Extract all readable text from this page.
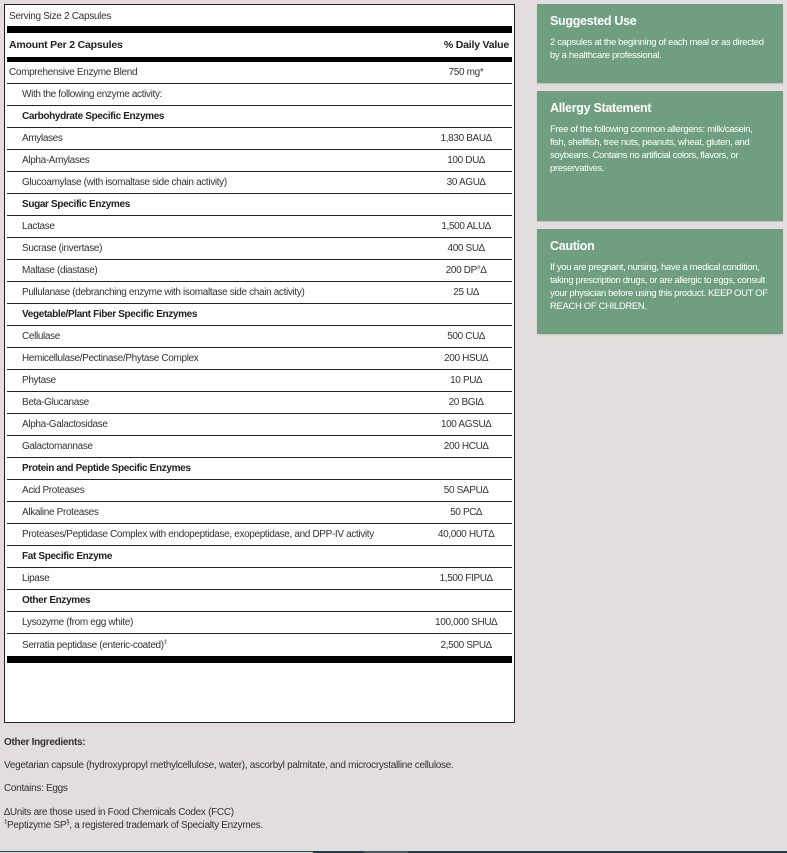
Serving Size 2 Capsules
Amount Per 2 Capsules	% Daily Value
Comprehensive Enzyme Blend	750 mg*
With the following enzyme activity:
Carbohydrate Specific Enzymes
Amylases	1,830 BAU∆
Alpha-Amylases	100 DU∆
Glucoamylase (with isomaltase side chain activity)	30 AGU∆
Sugar Specific Enzymes
Lactase	1,500 ALU∆
Sucrase (invertase)	400 SU∆
Maltase (diastase)	200 DP°∆
Pullulanase (debranching enzyme with isomaltase side chain activity)	25 U∆
Vegetable/Plant Fiber Specific Enzymes
Cellulase	500 CU∆
Hemicellulase/Pectinase/Phytase Complex	200 HSU∆
Phytase	10 PU∆
Beta-Glucanase	20 BGI∆
Alpha-Galactosidase	100 AGSU∆
Galactomannase	200 HCU∆
Protein and Peptide Specific Enzymes
Acid Proteases	50 SAPU∆
Alkaline Proteases	50 PC∆
Proteases/Peptidase Complex with endopeptidase, exopeptidase, and DPP-IV activity	40,000 HUT∆
Fat Specific Enzyme
Lipase	1,500 FIPU∆
Other Enzymes
Lysozyme (from egg white)	100,000 SHU∆
Serratia peptidase (enteric-coated)‡	2,500 SPU∆
Other Ingredients:

Vegetarian capsule (hydroxypropyl methylcellulose, water), ascorbyl palmitate, and microcrystalline cellulose.

Contains: Eggs

∆Units are those used in Food Chemicals Codex (FCC)
‡Peptizyme SP§, a registered trademark of Specialty Enzymes.
Suggested Use

2 capsules at the beginning of each meal or as directed by a healthcare professional.

Allergy Statement

Free of the following common allergens: milk/casein, fish, shellfish, tree nuts, peanuts, wheat, gluten, and soybeans. Contains no artificial colors, flavors, or preservatives.

Caution

If you are pregnant, nursing, have a medical condition, taking prescription drugs, or are allergic to eggs, consult your physician before using this product. KEEP OUT OF REACH OF CHILDREN.
